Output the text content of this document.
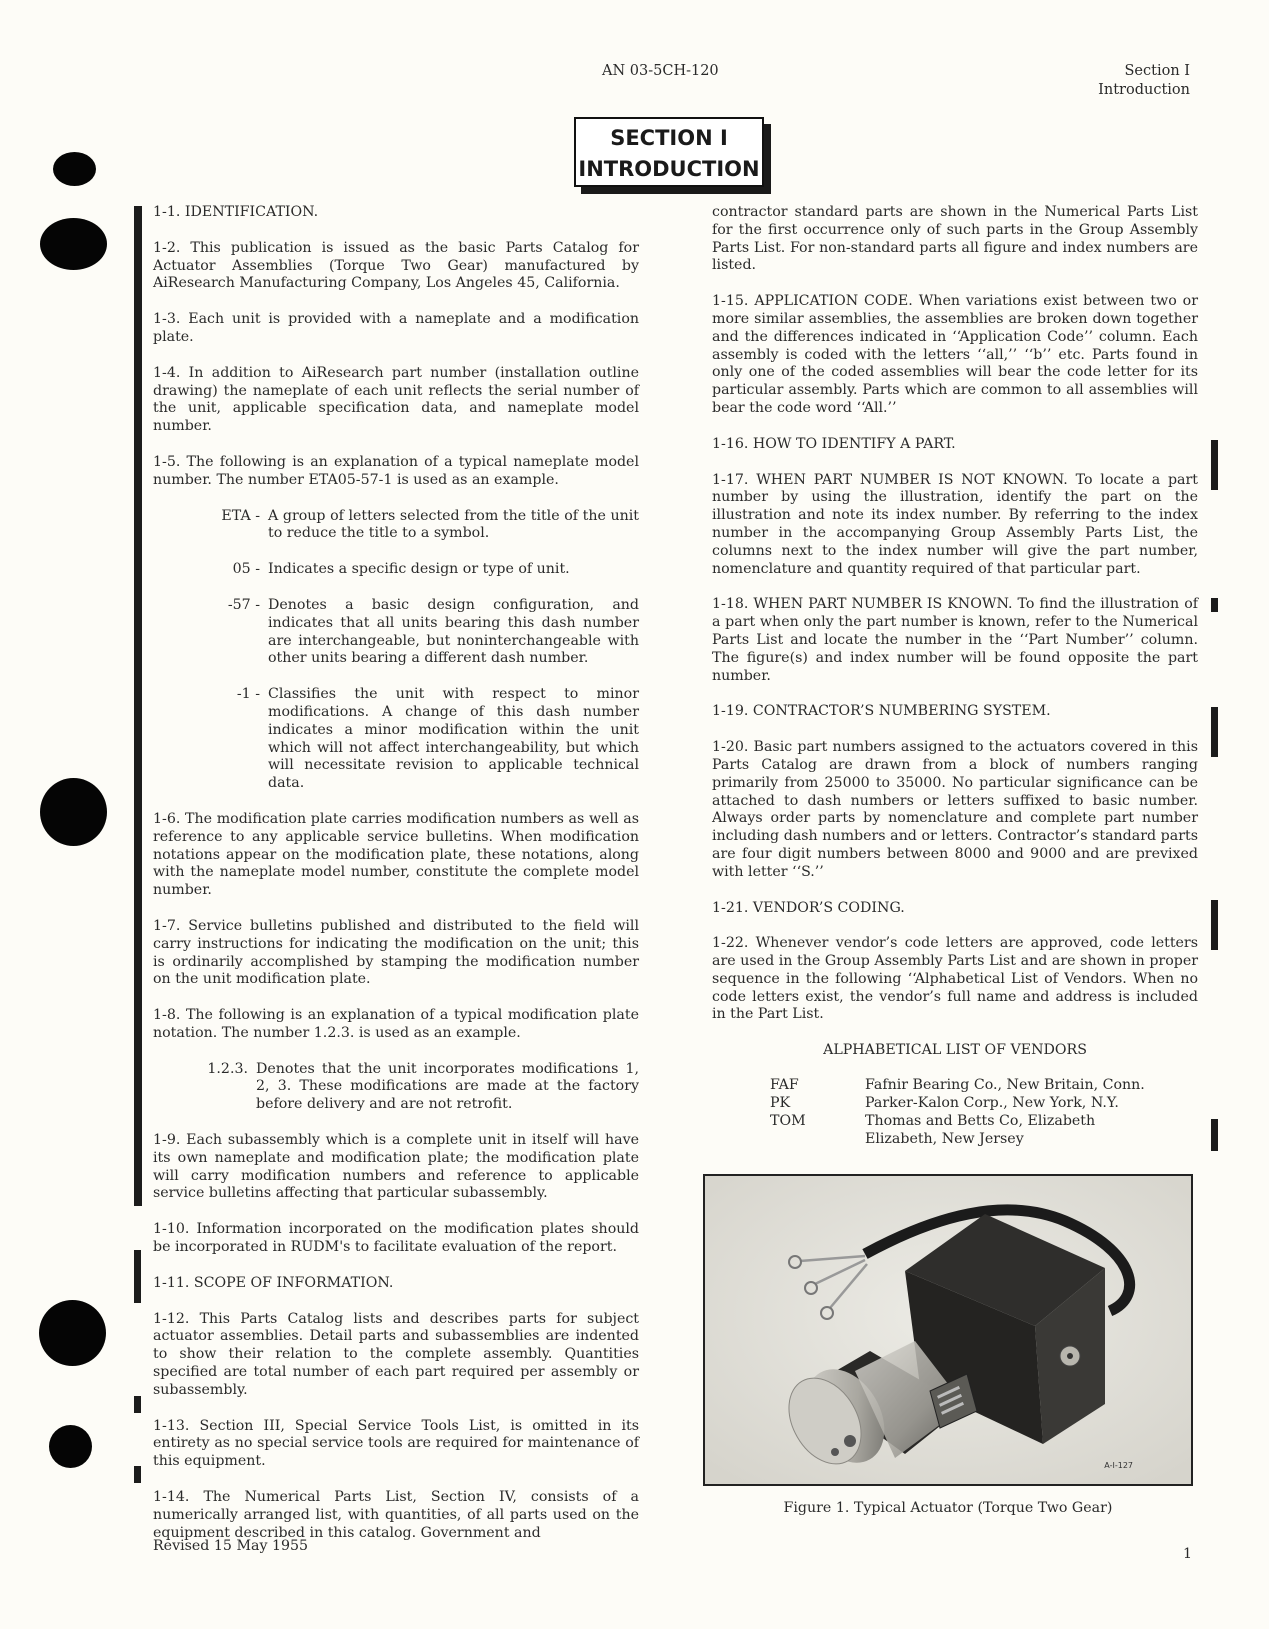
AN 03-5CH-120	Section I
Introduction
SECTION I
INTRODUCTION

1-1. IDENTIFICATION.

1-2. This publication is issued as the basic Parts Catalog for Actuator Assemblies (Torque Two Gear) manufactured by AiResearch Manufacturing Company, Los Angeles 45, California.

1-3. Each unit is provided with a nameplate and a modification plate.

1-4. In addition to AiResearch part number (installation outline drawing) the nameplate of each unit reflects the serial number of the unit, applicable specification data, and nameplate model number.

1-5. The following is an explanation of a typical nameplate model number. The number ETA05-57-1 is used as an example.

ETA - A group of letters selected from the title of the unit to reduce the title to a symbol.
05 - Indicates a specific design or type of unit.
-57 - Denotes a basic design configuration, and indicates that all units bearing this dash number are interchangeable, but noninterchangeable with other units bearing a different dash number.
-1 - Classifies the unit with respect to minor modifications. A change of this dash number indicates a minor modification within the unit which will not affect interchangeability, but which will necessitate revision to applicable technical data.

1-6. The modification plate carries modification numbers as well as reference to any applicable service bulletins. When modification notations appear on the modification plate, these notations, along with the nameplate model number, constitute the complete model number.

1-7. Service bulletins published and distributed to the field will carry instructions for indicating the modification on the unit; this is ordinarily accomplished by stamping the modification number on the unit modification plate.

1-8. The following is an explanation of a typical modification plate notation. The number 1.2.3. is used as an example.

1.2.3. Denotes that the unit incorporates modifications 1, 2, 3. These modifications are made at the factory before delivery and are not retrofit.

1-9. Each subassembly which is a complete unit in itself will have its own nameplate and modification plate; the modification plate will carry modification numbers and reference to applicable service bulletins affecting that particular subassembly.

1-10. Information incorporated on the modification plates should be incorporated in RUDM's to facilitate evaluation of the report.

1-11. SCOPE OF INFORMATION.

1-12. This Parts Catalog lists and describes parts for subject actuator assemblies. Detail parts and subassemblies are indented to show their relation to the complete assembly. Quantities specified are total number of each part required per assembly or subassembly.

1-13. Section III, Special Service Tools List, is omitted in its entirety as no special service tools are required for maintenance of this equipment.

1-14. The Numerical Parts List, Section IV, consists of a numerically arranged list, with quantities, of all parts used on the equipment described in this catalog. Government and

contractor standard parts are shown in the Numerical Parts List for the first occurrence only of such parts in the Group Assembly Parts List. For non-standard parts all figure and index numbers are listed.

1-15. APPLICATION CODE. When variations exist between two or more similar assemblies, the assemblies are broken down together and the differences indicated in ‘‘Application Code’’ column. Each assembly is coded with the letters ‘‘all,’’ ‘‘b’’ etc. Parts found in only one of the coded assemblies will bear the code letter for its particular assembly. Parts which are common to all assemblies will bear the code word ‘‘All.’’

1-16. HOW TO IDENTIFY A PART.

1-17. WHEN PART NUMBER IS NOT KNOWN. To locate a part number by using the illustration, identify the part on the illustration and note its index number. By referring to the index number in the accompanying Group Assembly Parts List, the columns next to the index number will give the part number, nomenclature and quantity required of that particular part.

1-18. WHEN PART NUMBER IS KNOWN. To find the illustration of a part when only the part number is known, refer to the Numerical Parts List and locate the number in the ‘‘Part Number’’ column. The figure(s) and index number will be found opposite the part number.

1-19. CONTRACTOR’S NUMBERING SYSTEM.

1-20. Basic part numbers assigned to the actuators covered in this Parts Catalog are drawn from a block of numbers ranging primarily from 25000 to 35000. No particular significance can be attached to dash numbers or letters suffixed to basic number. Always order parts by nomenclature and complete part number including dash numbers and or letters. Contractor’s standard parts are four digit numbers between 8000 and 9000 and are previxed with letter ‘‘S.’’

1-21. VENDOR’S CODING.

1-22. Whenever vendor’s code letters are approved, code letters are used in the Group Assembly Parts List and are shown in proper sequence in the following ‘‘Alphabetical List of Vendors. When no code letters exist, the vendor’s full name and address is included in the Part List.

ALPHABETICAL LIST OF VENDORS

FAF	Fafnir Bearing Co., New Britain, Conn.
PK	Parker-Kalon Corp., New York, N.Y.
TOM	Thomas and Betts Co, Elizabeth
Elizabeth, New Jersey
A-I-127
Figure 1. Typical Actuator (Torque Two Gear)
Revised 15 May 1955	1
